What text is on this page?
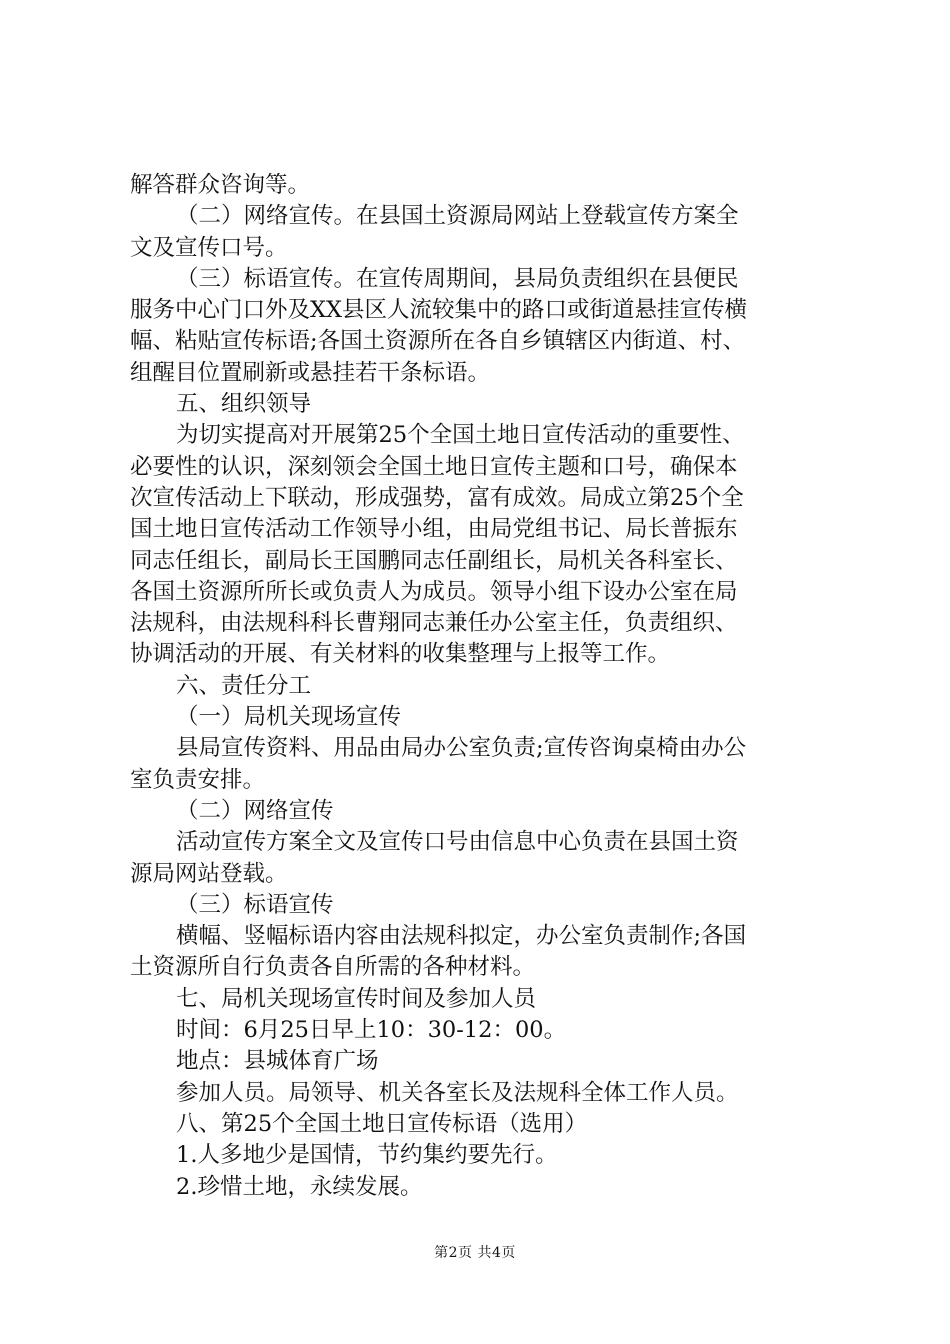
解答群众咨询等。
（二）网络宣传。在县国土资源局网站上登载宣传方案全
文及宣传口号。
（三）标语宣传。在宣传周期间，县局负责组织在县便民
服务中心门口外及XX县区人流较集中的路口或街道悬挂宣传横
幅、粘贴宣传标语;各国土资源所在各自乡镇辖区内街道、村、
组醒目位置刷新或悬挂若干条标语。
五、组织领导
为切实提高对开展第25个全国土地日宣传活动的重要性、
必要性的认识，深刻领会全国土地日宣传主题和口号，确保本
次宣传活动上下联动，形成强势，富有成效。局成立第25个全
国土地日宣传活动工作领导小组，由局党组书记、局长普振东
同志任组长，副局长王国鹏同志任副组长，局机关各科室长、
各国土资源所所长或负责人为成员。领导小组下设办公室在局
法规科，由法规科科长曹翔同志兼任办公室主任，负责组织、
协调活动的开展、有关材料的收集整理与上报等工作。
六、责任分工
（一）局机关现场宣传
县局宣传资料、用品由局办公室负责;宣传咨询桌椅由办公
室负责安排。
（二）网络宣传
活动宣传方案全文及宣传口号由信息中心负责在县国土资
源局网站登载。
（三）标语宣传
横幅、竖幅标语内容由法规科拟定，办公室负责制作;各国
土资源所自行负责各自所需的各种材料。
七、局机关现场宣传时间及参加人员
时间：6月25日早上10：30-12：00。
地点：县城体育广场
参加人员。局领导、机关各室长及法规科全体工作人员。
八、第25个全国土地日宣传标语（选用）
1.人多地少是国情，节约集约要先行。
2.珍惜土地，永续发展。
第2页 共4页
